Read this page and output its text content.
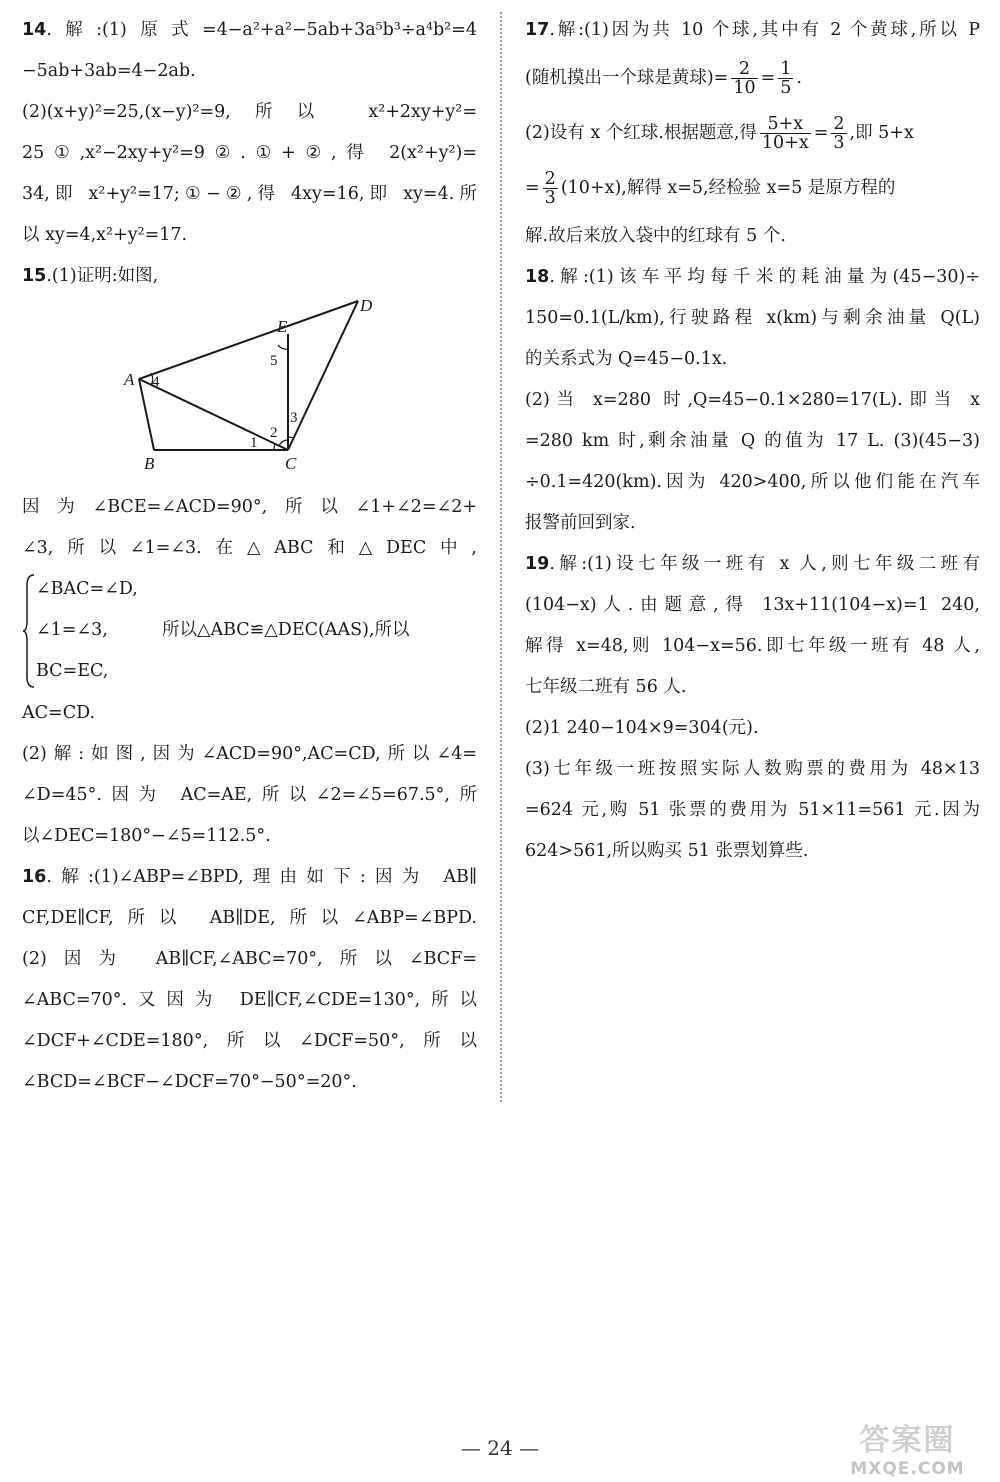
14.解:(1)原式=4−a²+a²−5ab+3a⁵b³÷a⁴b²=4
−5ab+3ab=4−2ab.
(2)(x+y)²=25,(x−y)²=9,所以 x²+2xy+y²=
25①,x²−2xy+y²=9②.①+②,得 2(x²+y²)=
34,即 x²+y²=17;①−②,得 4xy=16,即 xy=4.所
以 xy=4,x²+y²=17.
15.(1)证明:如图,
A
B	C
D
E
1
2
3
4
5
因为∠BCE=∠ACD=90°,所以∠1+∠2=∠2+
∠3,所以∠1=∠3.在△ABC和△DEC中,
∠BAC=∠D,
∠1=∠3,
BC=EC,
所以△ABC≌△DEC(AAS),所以
AC=CD.
(2)解:如图,因为∠ACD=90°,AC=CD,所以∠4=
∠D=45°.因为 AC=AE,所以∠2=∠5=67.5°,所
以∠DEC=180°−∠5=112.5°.
16.解:(1)∠ABP=∠BPD,理由如下:因为 AB∥
CF,DE∥CF,所以 AB∥DE,所以∠ABP=∠BPD.
(2)因为 AB∥CF,∠ABC=70°,所以∠BCF=
∠ABC=70°.又因为 DE∥CF,∠CDE=130°,所以
∠DCF+∠CDE=180°,所以∠DCF=50°,所以
∠BCD=∠BCF−∠DCF=70°−50°=20°.
17.解:(1)因为共 10 个球,其中有 2 个黄球,所以 P
(随机摸出一个球是黄球)= $\frac{2}{10} = \frac{1}{5}$ .
(2)设有 x 个红球.根据题意,得 $\frac{5+x}{10+x} = \frac{2}{3}$ ,即 5+x
= $\frac{2}{3} (10+x)$,解得 x=5,经检验 x=5 是原方程的
解.故后来放入袋中的红球有 5 个.
18.解:(1)该车平均每千米的耗油量为(45−30)÷
150=0.1(L/km),行驶路程 x(km)与剩余油量 Q(L)
的关系式为 Q=45−0.1x.
(2)当 x=280 时,Q=45−0.1×280=17(L).即当 x
=280 km 时,剩余油量 Q 的值为 17 L. (3)(45−3)
÷0.1=420(km).因为 420>400,所以他们能在汽车
报警前回到家.
19.解:(1)设七年级一班有 x 人,则七年级二班有
(104−x)人.由题意,得 13x+11(104−x)=1 240,
解得 x=48,则 104−x=56.即七年级一班有 48 人,
七年级二班有 56 人.
(2)1 240−104×9=304(元).
(3)七年级一班按照实际人数购票的费用为 48×13
=624 元,购 51 张票的费用为 51×11=561 元.因为
624>561,所以购买 51 张票划算些.
— 24 —	答案圈
MXQE.COM
